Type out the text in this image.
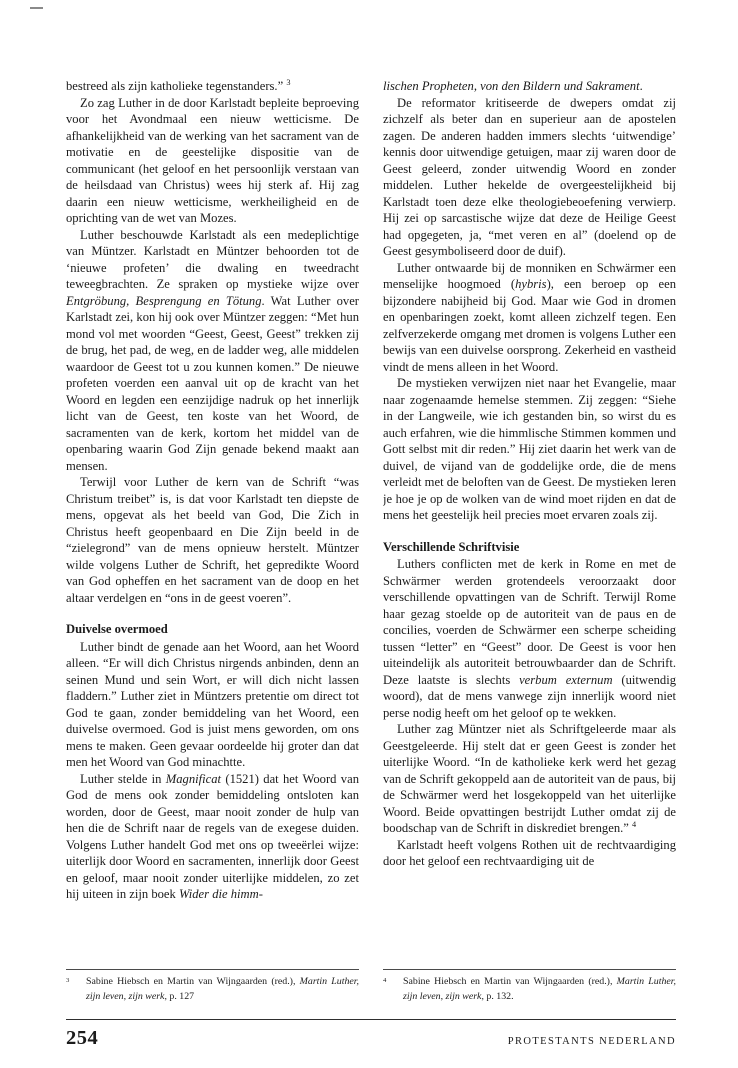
bestreed als zijn katholieke tegenstanders.” $^3$

Zo zag Luther in de door Karlstadt bepleite beproeving voor het Avondmaal een nieuw wetticisme. De afhankelijkheid van de werking van het sacrament van de motivatie en de geestelijke dispositie van de communicant (het geloof en het persoonlijk verstaan van de heilsdaad van Christus) wees hij sterk af. Hij zag daarin een nieuw wetticisme, werkheiligheid en de oprichting van de wet van Mozes.

Luther beschouwde Karlstadt als een medeplichtige van Müntzer. Karlstadt en Müntzer behoorden tot de ‘nieuwe profeten’ die dwaling en tweedracht teweegbrachten. Ze spraken op mystieke wijze over Entgröbung, Besprengung en Tötung. Wat Luther over Karlstadt zei, kon hij ook over Müntzer zeggen: “Met hun mond vol met woorden “Geest, Geest, Geest” trekken zij de brug, het pad, de weg, en de ladder weg, alle middelen waardoor de Geest tot u zou kunnen komen.” De nieuwe profeten voerden een aanval uit op de kracht van het Woord en legden een eenzijdige nadruk op het innerlijk licht van de Geest, ten koste van het Woord, de sacramenten van de kerk, kortom het middel van de openbaring waarin God Zijn genade bekend maakt aan mensen.

Terwijl voor Luther de kern van de Schrift “was Christum treibet” is, is dat voor Karlstadt ten diepste de mens, opgevat als het beeld van God, Die Zich in Christus heeft geopenbaard en Die Zijn beeld in de “zielegrond” van de mens opnieuw herstelt. Müntzer wilde volgens Luther de Schrift, het gepredikte Woord van God opheffen en het sacrament van de doop en het altaar verdelgen en “ons in de geest voeren”.

Duivelse overmoed

Luther bindt de genade aan het Woord, aan het Woord alleen. “Er will dich Christus nirgends anbinden, denn an seinen Mund und sein Wort, er will dich nicht lassen fladdern.” Luther ziet in Müntzers pretentie om direct tot God te gaan, zonder bemiddeling van het Woord, een duivelse overmoed. God is juist mens geworden, om ons mens te maken. Geen gevaar oordeelde hij groter dan dat men het Woord van God minachtte.

Luther stelde in Magnificat (1521) dat het Woord van God de mens ook zonder bemiddeling ontsloten kan worden, door de Geest, maar nooit zonder de hulp van hen die de Schrift naar de regels van de exegese duiden. Volgens Luther handelt God met ons op tweeërlei wijze: uiterlijk door Woord en sacramenten, innerlijk door Geest en geloof, maar nooit zonder uiterlijke middelen, zo zet hij uiteen in zijn boek Wider die himm-

3 Sabine Hiebsch en Martin van Wijngaarden (red.), Martin Luther, zijn leven, zijn werk, p. 127

lischen Propheten, von den Bildern und Sakrament.

De reformator kritiseerde de dwepers omdat zij zichzelf als beter dan en superieur aan de apostelen zagen. De anderen hadden immers slechts ‘uitwendige’ kennis door uitwendige getuigen, maar zij waren door de Geest geleerd, zonder uitwendig Woord en zonder middelen. Luther hekelde de overgeestelijkheid bij Karlstadt toen deze elke theologiebeoefening verwierp. Hij zei op sarcastische wijze dat deze de Heilige Geest had opgegeten, ja, “met veren en al” (doelend op de Geest gesymboliseerd door de duif).

Luther ontwaarde bij de monniken en Schwärmer een menselijke hoogmoed (hybris), een beroep op een bijzondere nabijheid bij God. Maar wie God in dromen en openbaringen zoekt, komt alleen zichzelf tegen. Een zelfverzekerde omgang met dromen is volgens Luther een bewijs van een duivelse oorsprong. Zekerheid en vastheid vindt de mens alleen in het Woord.

De mystieken verwijzen niet naar het Evangelie, maar naar zogenaamde hemelse stemmen. Zij zeggen: “Siehe in der Langweile, wie ich gestanden bin, so wirst du es auch erfahren, wie die himmlische Stimmen kommen und Gott selbst mit dir reden.” Hij ziet daarin het werk van de duivel, de vijand van de goddelijke orde, die de mens verleidt met de beloften van de Geest. De mystieken leren je hoe je op de wolken van de wind moet rijden en dat de mens het geestelijk heil precies moet ervaren zoals zij.

Verschillende Schriftvisie

Luthers conflicten met de kerk in Rome en met de Schwärmer werden grotendeels veroorzaakt door verschillende opvattingen van de Schrift. Terwijl Rome haar gezag stoelde op de autoriteit van de paus en de concilies, voerden de Schwärmer een scherpe scheiding tussen “letter” en “Geest” door. De Geest is voor hen uiteindelijk als autoriteit betrouwbaarder dan de Schrift. Deze laatste is slechts verbum externum (uitwendig woord), dat de mens vanwege zijn innerlijk woord niet perse nodig heeft om het geloof op te wekken.

Luther zag Müntzer niet als Schriftgeleerde maar als Geestgeleerde. Hij stelt dat er geen Geest is zonder het uiterlijke Woord. “In de katholieke kerk werd het gezag van de Schrift gekoppeld aan de autoriteit van de paus, bij de Schwärmer werd het losgekoppeld van het uiterlijke Woord. Beide opvattingen bestrijdt Luther omdat zij de boodschap van de Schrift in diskrediet brengen.” $^4$

Karlstadt heeft volgens Rothen uit de rechtvaardiging door het geloof een rechtvaardiging uit de

4 Sabine Hiebsch en Martin van Wijngaarden (red.), Martin Luther, zijn leven, zijn werk, p. 132.

254	PROTESTANTS NEDERLAND
